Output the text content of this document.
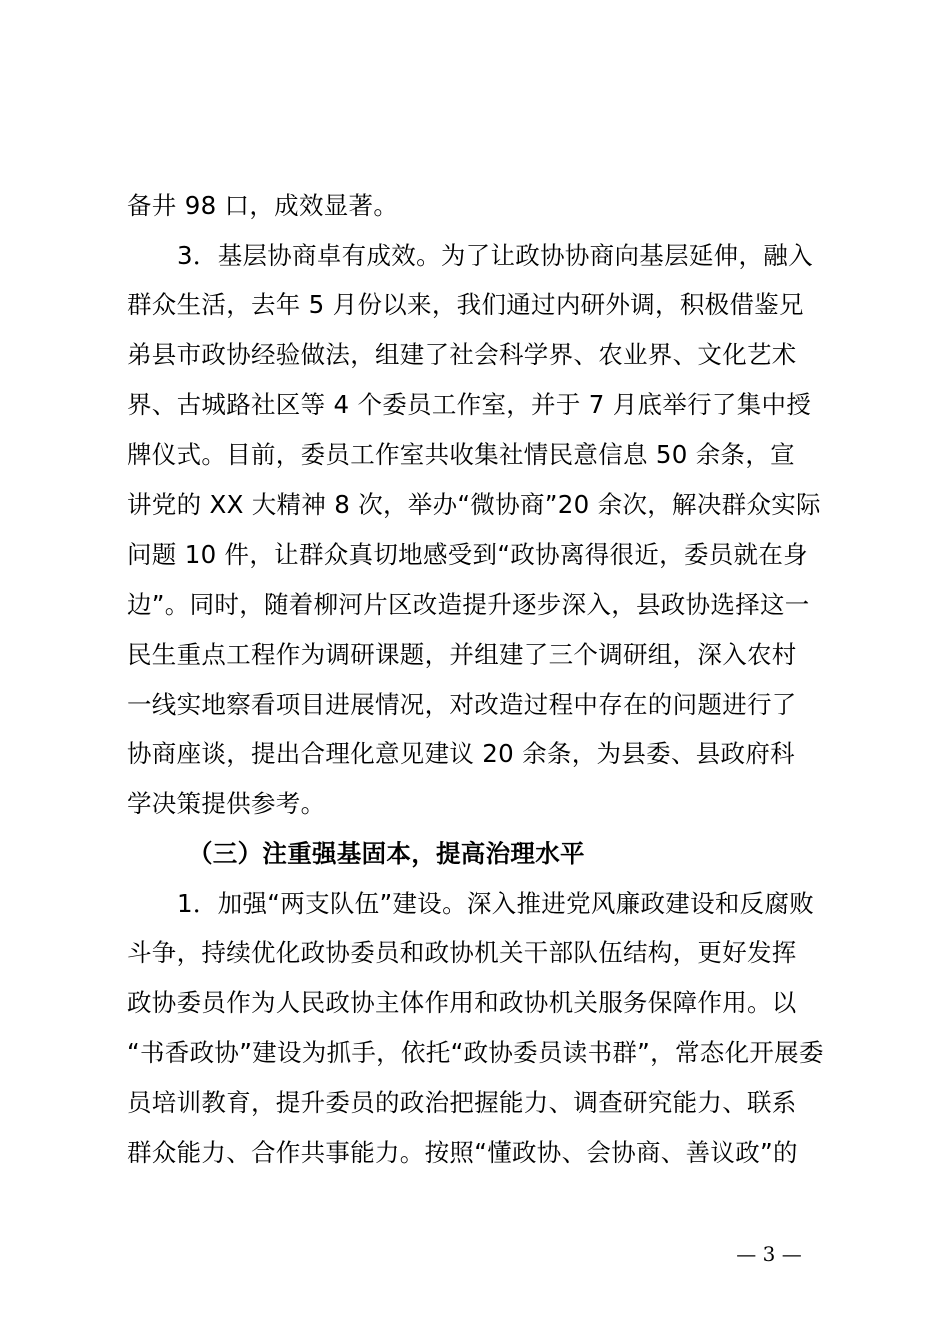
备井 98 口，成效显著。
3．基层协商卓有成效。为了让政协协商向基层延伸，融入
群众生活，去年 5 月份以来，我们通过内研外调，积极借鉴兄
弟县市政协经验做法，组建了社会科学界、农业界、文化艺术
界、古城路社区等 4 个委员工作室，并于 7 月底举行了集中授
牌仪式。目前，委员工作室共收集社情民意信息 50 余条，宣
讲党的 XX 大精神 8 次，举办“微协商”20 余次，解决群众实际
问题 10 件，让群众真切地感受到“政协离得很近，委员就在身
边”。同时，随着柳河片区改造提升逐步深入，县政协选择这一
民生重点工程作为调研课题，并组建了三个调研组，深入农村
一线实地察看项目进展情况，对改造过程中存在的问题进行了
协商座谈，提出合理化意见建议 20 余条，为县委、县政府科
学决策提供参考。
（三）注重强基固本，提高治理水平
1．加强“两支队伍”建设。深入推进党风廉政建设和反腐败
斗争，持续优化政协委员和政协机关干部队伍结构，更好发挥
政协委员作为人民政协主体作用和政协机关服务保障作用。以
“书香政协”建设为抓手，依托“政协委员读书群”，常态化开展委
员培训教育，提升委员的政治把握能力、调查研究能力、联系
群众能力、合作共事能力。按照“懂政协、会协商、善议政”的
— 3 —
